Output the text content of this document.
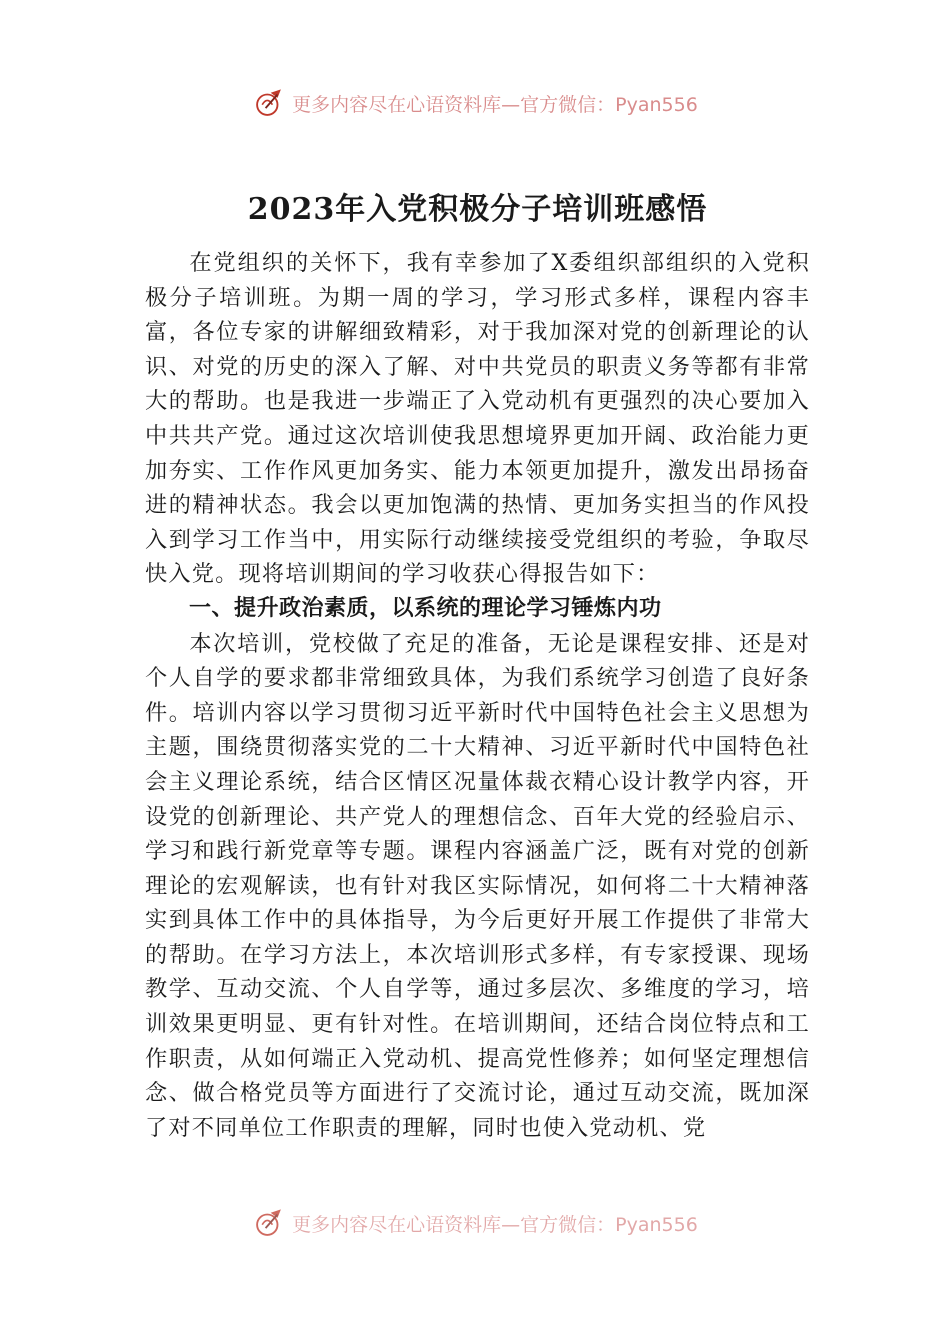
更多内容尽在心语资料库—官方微信：Pyan556
2023年入党积极分子培训班感悟

在党组织的关怀下，我有幸参加了X委组织部组织的入党积极分子培训班。为期一周的学习，学习形式多样，课程内容丰富，各位专家的讲解细致精彩，对于我加深对党的创新理论的认识、对党的历史的深入了解、对中共党员的职责义务等都有非常大的帮助。也是我进一步端正了入党动机有更强烈的决心要加入中共共产党。通过这次培训使我思想境界更加开阔、政治能力更加夯实、工作作风更加务实、能力本领更加提升，激发出昂扬奋进的精神状态。我会以更加饱满的热情、更加务实担当的作风投入到学习工作当中，用实际行动继续接受党组织的考验，争取尽快入党。现将培训期间的学习收获心得报告如下：

一、提升政治素质，以系统的理论学习锤炼内功

本次培训，党校做了充足的准备，无论是课程安排、还是对个人自学的要求都非常细致具体，为我们系统学习创造了良好条件。培训内容以学习贯彻习近平新时代中国特色社会主义思想为主题，围绕贯彻落实党的二十大精神、习近平新时代中国特色社会主义理论系统，结合区情区况量体裁衣精心设计教学内容，开设党的创新理论、共产党人的理想信念、百年大党的经验启示、学习和践行新党章等专题。课程内容涵盖广泛，既有对党的创新理论的宏观解读，也有针对我区实际情况，如何将二十大精神落实到具体工作中的具体指导，为今后更好开展工作提供了非常大的帮助。在学习方法上，本次培训形式多样，有专家授课、现场教学、互动交流、个人自学等，通过多层次、多维度的学习，培训效果更明显、更有针对性。在培训期间，还结合岗位特点和工作职责，从如何端正入党动机、提高党性修养；如何坚定理想信念、做合格党员等方面进行了交流讨论，通过互动交流，既加深了对不同单位工作职责的理解，同时也使入党动机、党

更多内容尽在心语资料库—官方微信：Pyan556
